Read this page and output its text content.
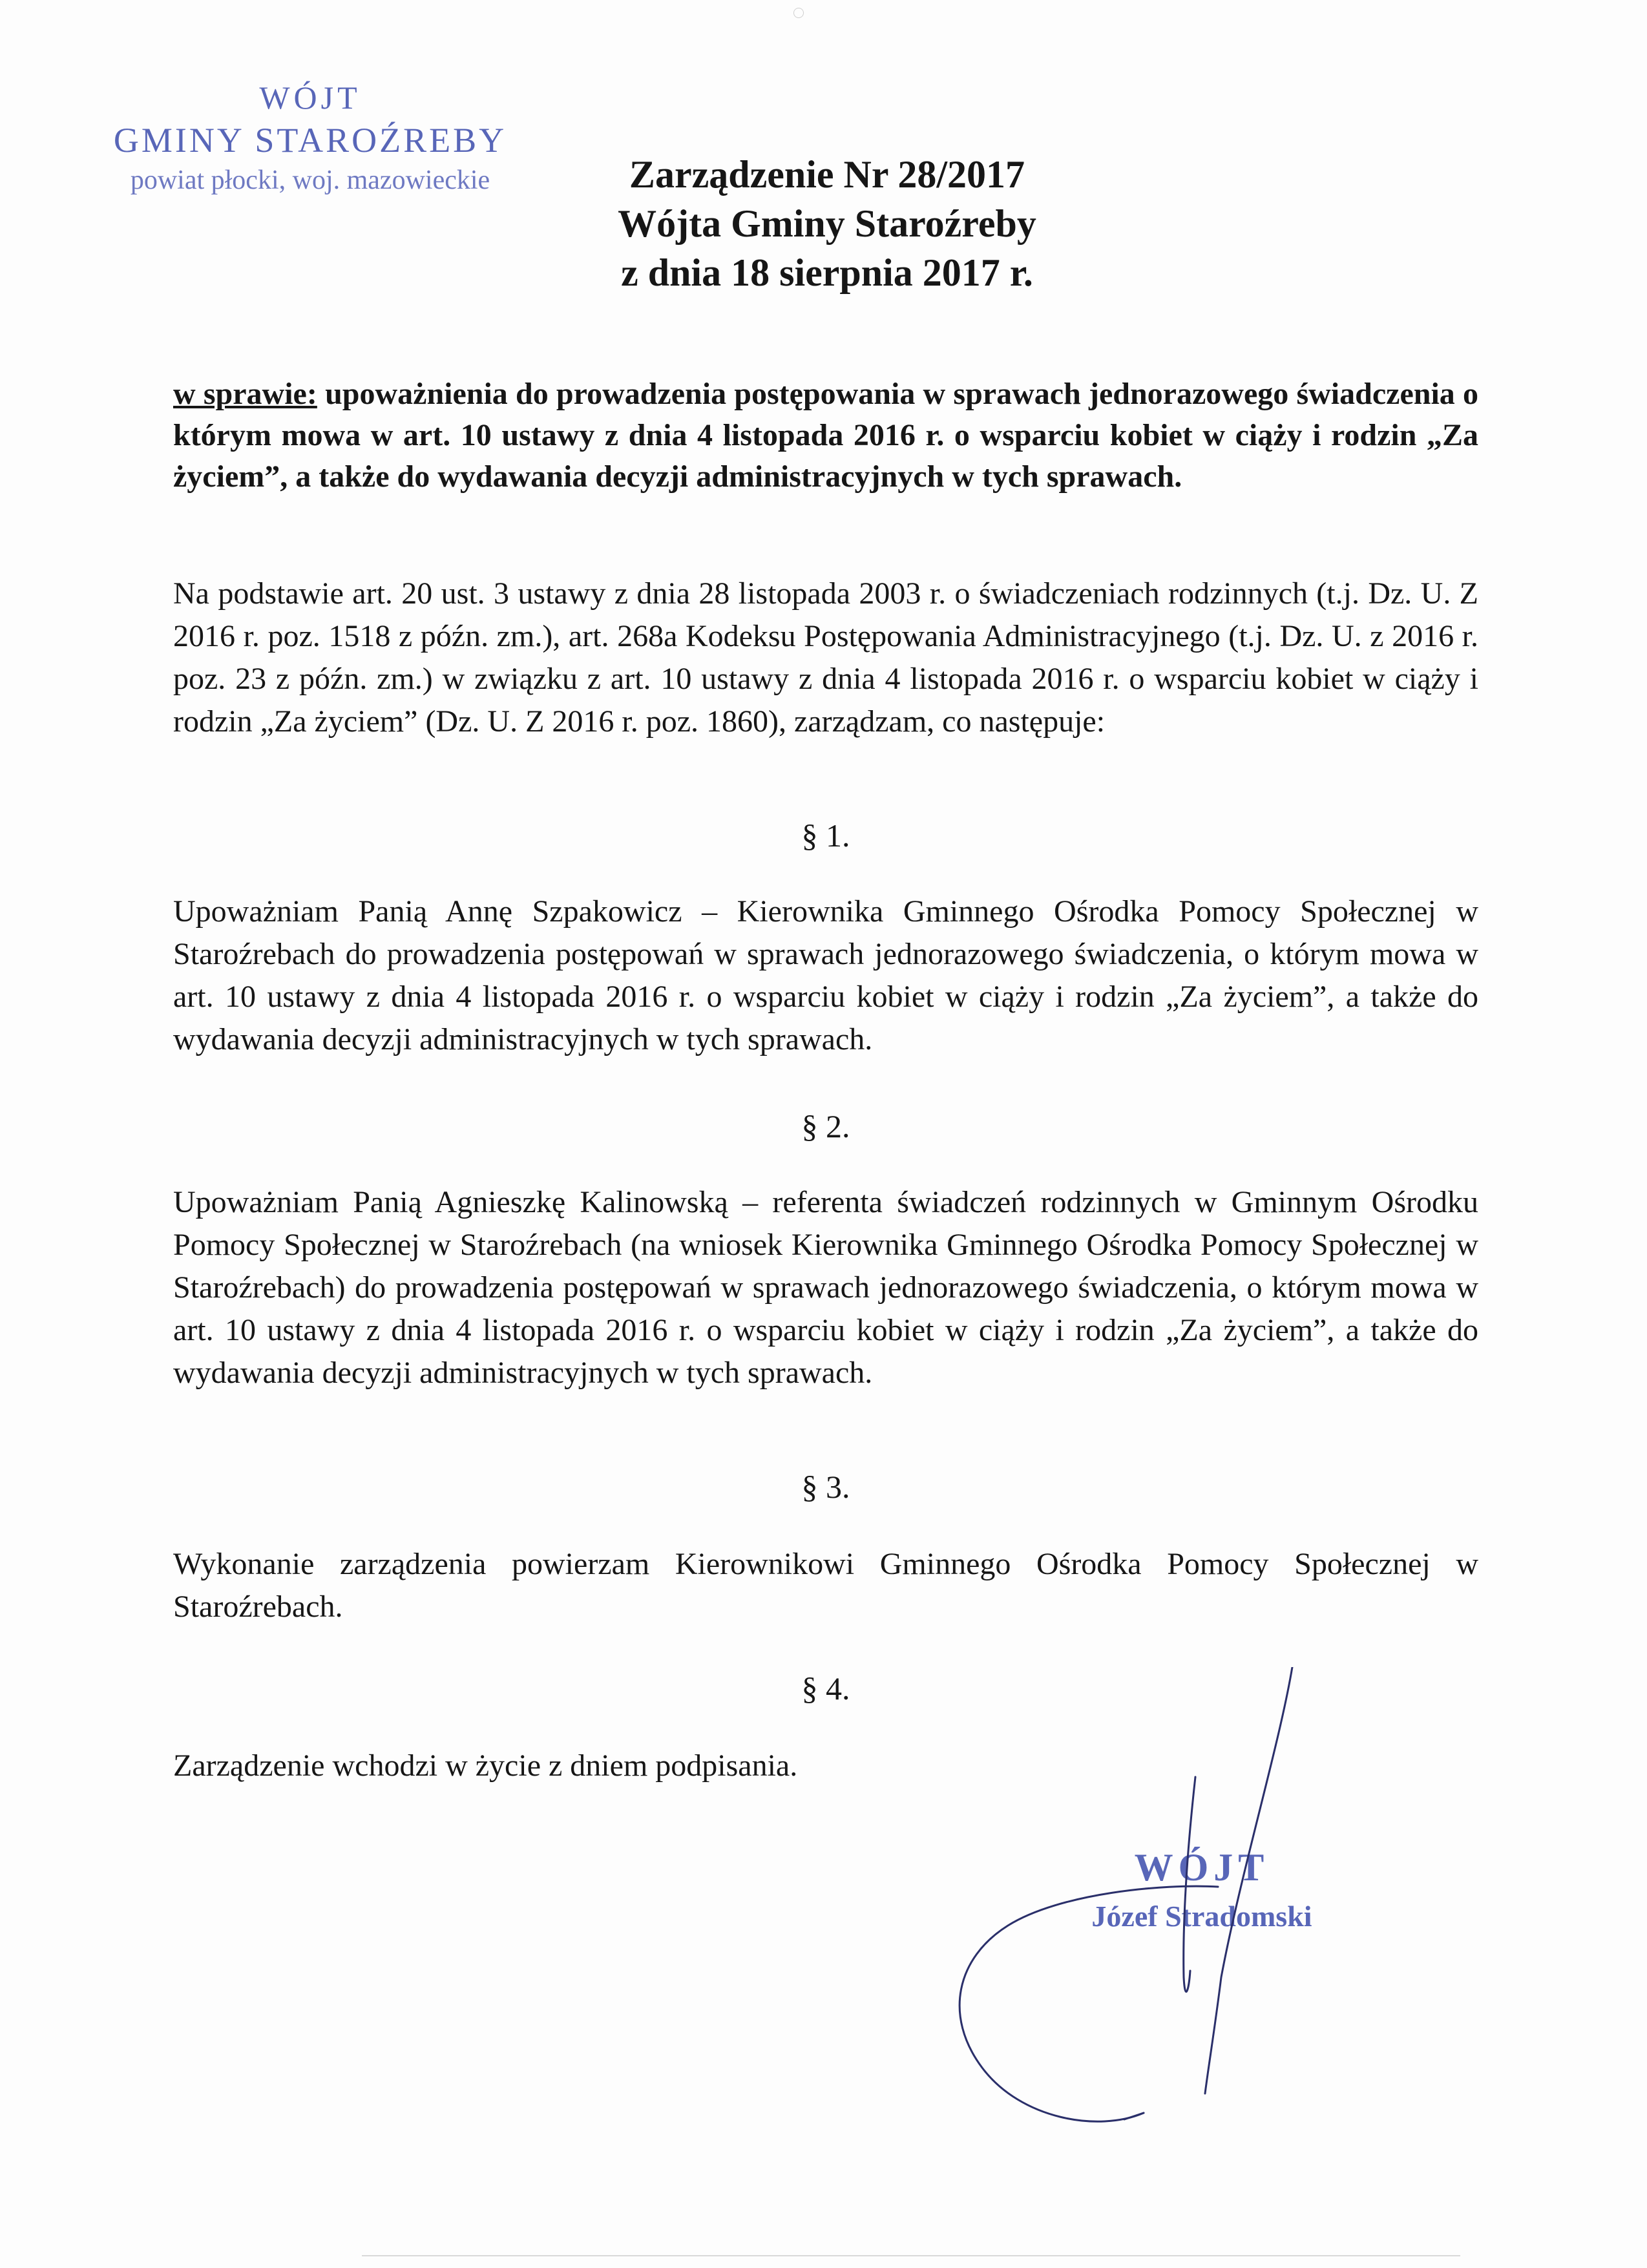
WÓJT
GMINY STAROŹREBY
powiat płocki, woj. mazowieckie	Zarządzenie Nr 28/2017
Wójta Gminy Staroźreby
z dnia 18 sierpnia 2017 r.
w sprawie: upoważnienia do prowadzenia postępowania w sprawach jednorazowego świadczenia o którym mowa w art. 10 ustawy z dnia 4 listopada 2016 r. o wsparciu kobiet w ciąży i rodzin „Za życiem”, a także do wydawania decyzji administracyjnych w tych sprawach.
Na podstawie art. 20 ust. 3 ustawy z dnia 28 listopada 2003 r. o świadczeniach rodzinnych (t.j. Dz. U. Z 2016 r. poz. 1518 z późn. zm.), art. 268a Kodeksu Postępowania Administracyjnego (t.j. Dz. U. z 2016 r. poz. 23 z późn. zm.) w związku z art. 10 ustawy z dnia 4 listopada 2016 r. o wsparciu kobiet w ciąży i rodzin „Za życiem” (Dz. U. Z 2016 r. poz. 1860), zarządzam, co następuje:
§ 1.
Upoważniam Panią Annę Szpakowicz – Kierownika Gminnego Ośrodka Pomocy Społecznej w Staroźrebach do prowadzenia postępowań w sprawach jednorazowego świadczenia, o którym mowa w art. 10 ustawy z dnia 4 listopada 2016 r. o wsparciu kobiet w ciąży i rodzin „Za życiem”, a także do wydawania decyzji administracyjnych w tych sprawach.
§ 2.
Upoważniam Panią Agnieszkę Kalinowską – referenta świadczeń rodzinnych w Gminnym Ośrodku Pomocy Społecznej w Staroźrebach (na wniosek Kierownika Gminnego Ośrodka Pomocy Społecznej w Staroźrebach) do prowadzenia postępowań w sprawach jednorazowego świadczenia, o którym mowa w art. 10 ustawy z dnia 4 listopada 2016 r. o wsparciu kobiet w ciąży i rodzin „Za życiem”, a także do wydawania decyzji administracyjnych w tych sprawach.
§ 3.
Wykonanie zarządzenia powierzam Kierownikowi Gminnego Ośrodka Pomocy Społecznej w Staroźrebach.
§ 4.
Zarządzenie wchodzi w życie z dniem podpisania.
WÓJT
Józef Stradomski
